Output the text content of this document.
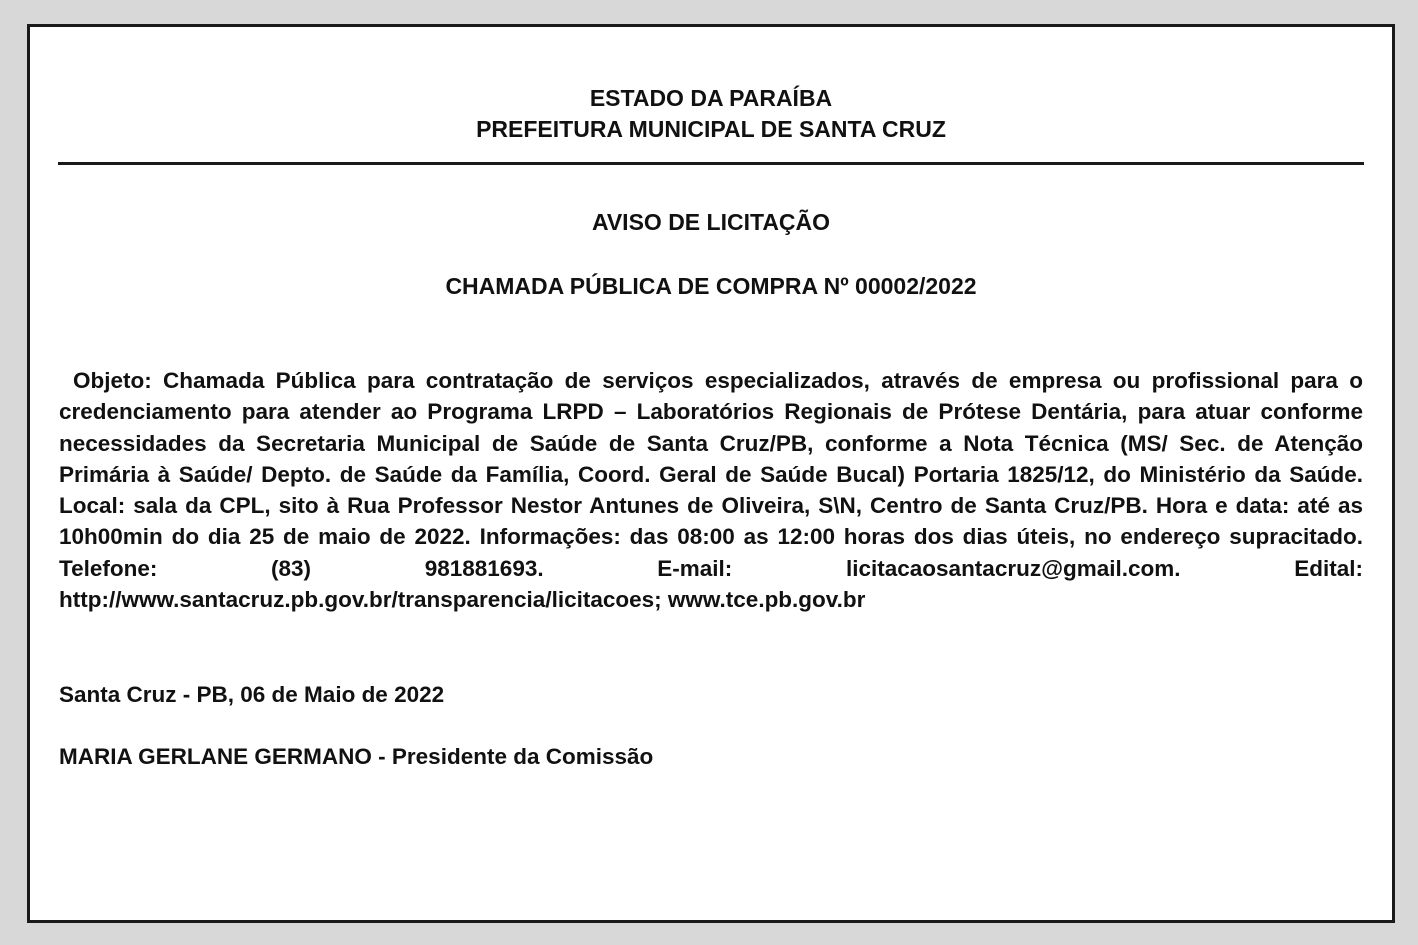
ESTADO DA PARAÍBA
PREFEITURA MUNICIPAL DE SANTA CRUZ
AVISO DE LICITAÇÃO
CHAMADA PÚBLICA DE COMPRA Nº 00002/2022
Objeto: Chamada Pública para contratação de serviços especializados, através de empresa ou profissional para o credenciamento para atender ao Programa LRPD – Laboratórios Regionais de Prótese Dentária, para atuar conforme necessidades da Secretaria Municipal de Saúde de Santa Cruz/PB, conforme a Nota Técnica (MS/ Sec. de Atenção Primária à Saúde/ Depto. de Saúde da Família, Coord. Geral de Saúde Bucal) Portaria 1825/12, do Ministério da Saúde. Local: sala da CPL, sito à Rua Professor Nestor Antunes de Oliveira, S\N, Centro de Santa Cruz/PB. Hora e data: até as 10h00min do dia 25 de maio de 2022. Informações: das 08:00 as 12:00 horas dos dias úteis, no endereço supracitado. Telefone: (83) 981881693. E-mail: licitacaosantacruz@gmail.com. Edital: http://www.santacruz.pb.gov.br/transparencia/licitacoes; www.tce.pb.gov.br
Santa Cruz - PB, 06 de Maio de 2022
MARIA GERLANE GERMANO - Presidente da Comissão
